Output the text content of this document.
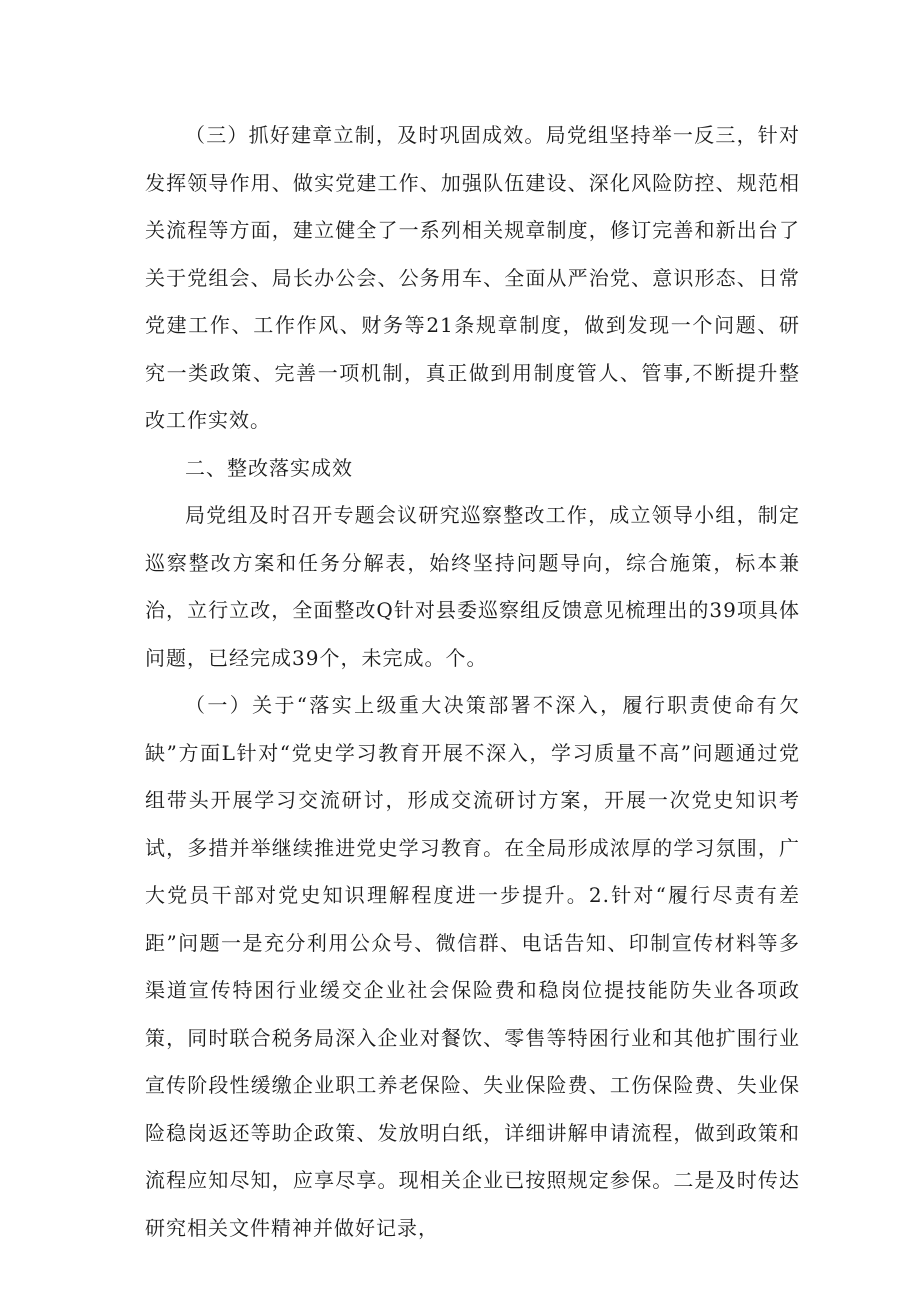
（三）抓好建章立制，及时巩固成效。局党组坚持举一反三，针对发挥领导作用、做实党建工作、加强队伍建设、深化风险防控、规范相关流程等方面，建立健全了一系列相关规章制度，修订完善和新出台了关于党组会、局长办公会、公务用车、全面从严治党、意识形态、日常党建工作、工作作风、财务等21条规章制度，做到发现一个问题、研究一类政策、完善一项机制，真正做到用制度管人、管事,不断提升整改工作实效。

二、整改落实成效

局党组及时召开专题会议研究巡察整改工作，成立领导小组，制定巡察整改方案和任务分解表，始终坚持问题导向，综合施策，标本兼治，立行立改，全面整改Q针对县委巡察组反馈意见梳理出的39项具体问题，已经完成39个，未完成。个。

（一）关于“落实上级重大决策部署不深入，履行职责使命有欠缺”方面L针对“党史学习教育开展不深入，学习质量不高”问题通过党组带头开展学习交流研讨，形成交流研讨方案，开展一次党史知识考试，多措并举继续推进党史学习教育。在全局形成浓厚的学习氛围，广大党员干部对党史知识理解程度进一步提升。2.针对“履行尽责有差距”问题一是充分利用公众号、微信群、电话告知、印制宣传材料等多渠道宣传特困行业缓交企业社会保险费和稳岗位提技能防失业各项政策，同时联合税务局深入企业对餐饮、零售等特困行业和其他扩围行业宣传阶段性缓缴企业职工养老保险、失业保险费、工伤保险费、失业保险稳岗返还等助企政策、发放明白纸，详细讲解申请流程，做到政策和流程应知尽知，应享尽享。现相关企业已按照规定参保。二是及时传达研究相关文件精神并做好记录，
